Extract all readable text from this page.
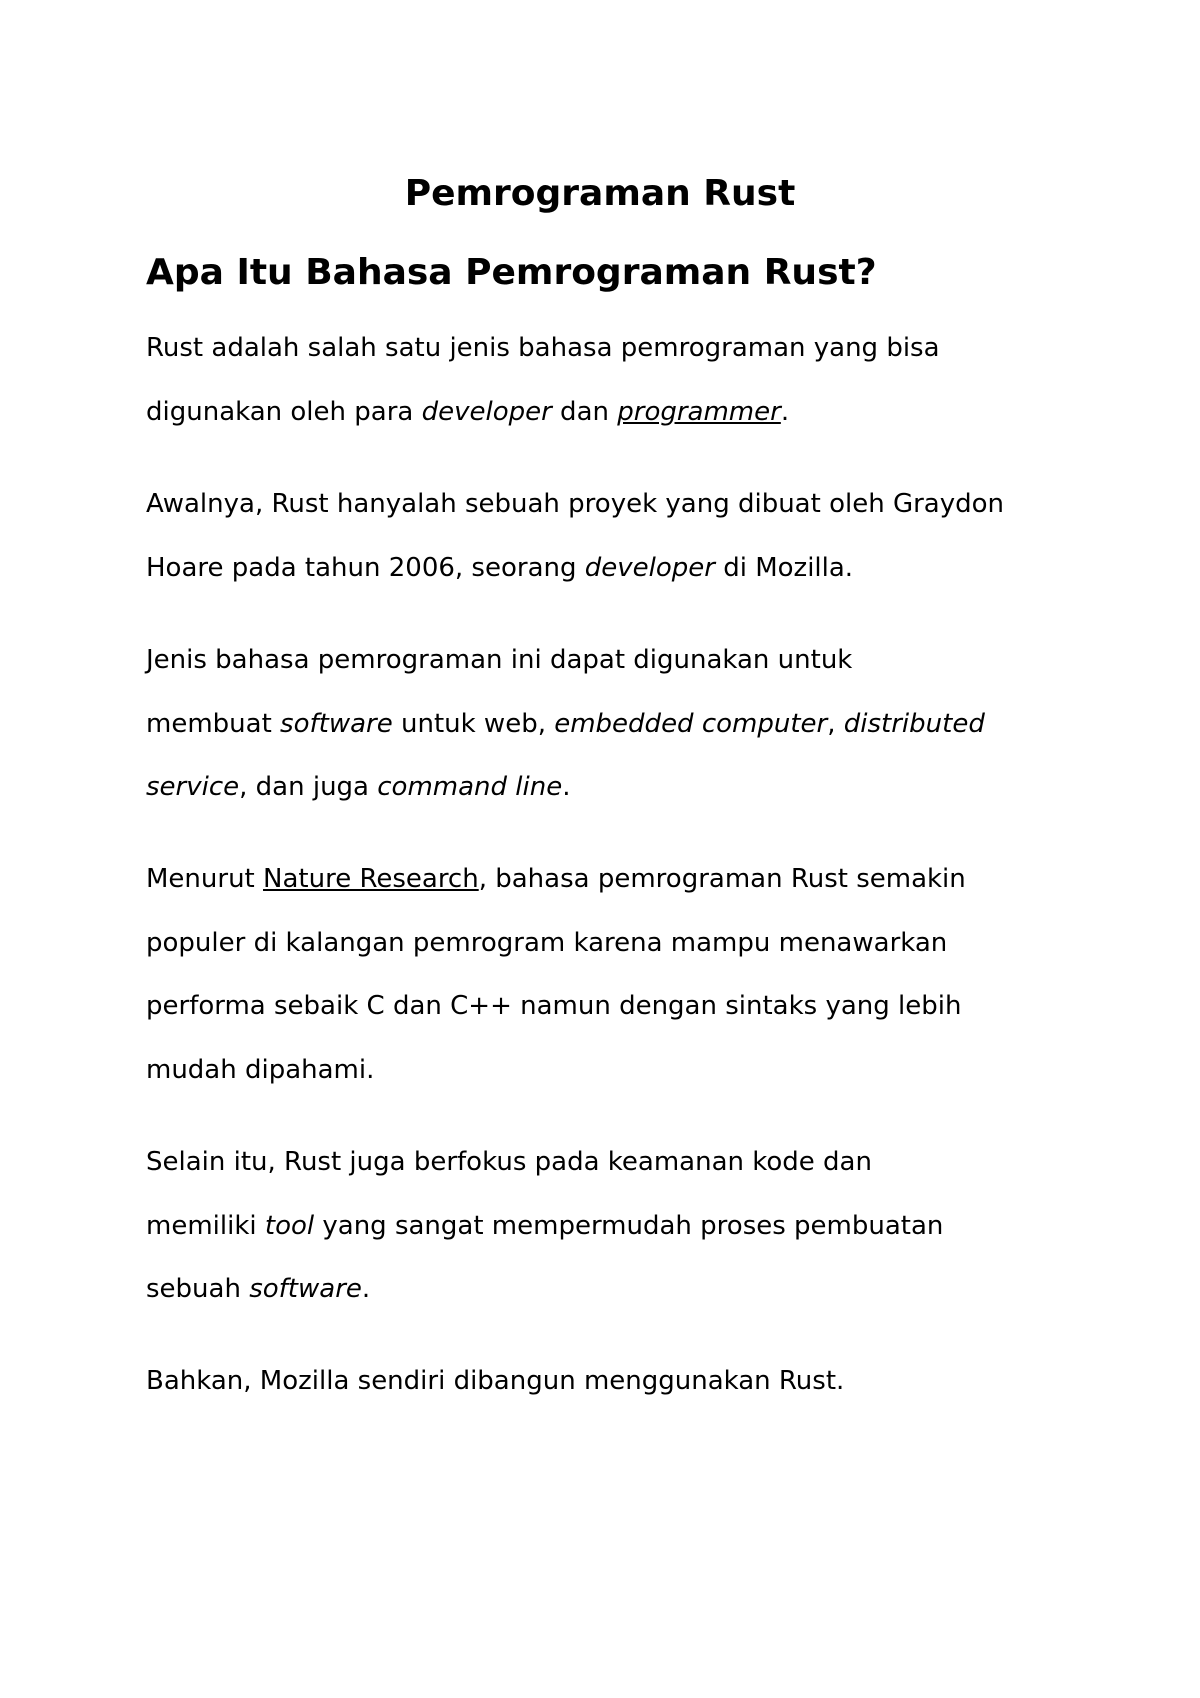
Pemrograman Rust
Apa Itu Bahasa Pemrograman Rust?

Rust adalah salah satu jenis bahasa pemrograman yang bisa
digunakan oleh para developer dan programmer.

Awalnya, Rust hanyalah sebuah proyek yang dibuat oleh Graydon
Hoare pada tahun 2006, seorang developer di Mozilla.

Jenis bahasa pemrograman ini dapat digunakan untuk
membuat software untuk web, embedded computer, distributed
service, dan juga command line.

Menurut Nature Research, bahasa pemrograman Rust semakin
populer di kalangan pemrogram karena mampu menawarkan
performa sebaik C dan C++ namun dengan sintaks yang lebih
mudah dipahami.

Selain itu, Rust juga berfokus pada keamanan kode dan
memiliki tool yang sangat mempermudah proses pembuatan
sebuah software.

Bahkan, Mozilla sendiri dibangun menggunakan Rust.
